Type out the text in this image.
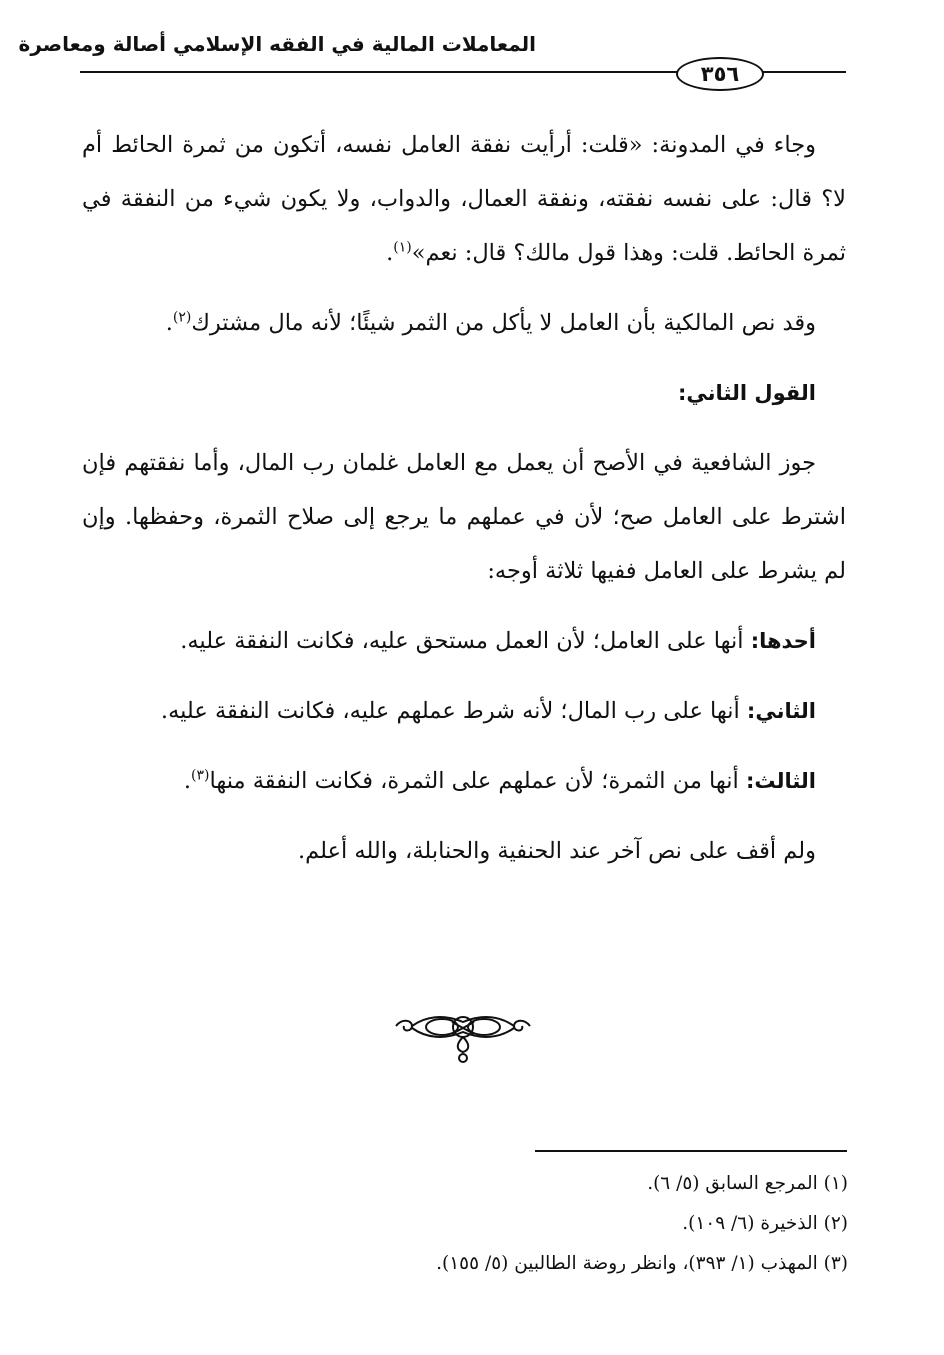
المعاملات المالية في الفقه الإسلامي أصالة ومعاصرة
٣٥٦

وجاء في المدونة: «قلت: أرأيت نفقة العامل نفسه، أتكون من ثمرة الحائط أم لا؟ قال: على نفسه نفقته، ونفقة العمال، والدواب، ولا يكون شيء من النفقة في ثمرة الحائط. قلت: وهذا قول مالك؟ قال: نعم»$^{(١)}$.

وقد نص المالكية بأن العامل لا يأكل من الثمر شيئًا؛ لأنه مال مشترك$^{(٢)}$.

القول الثاني:

جوز الشافعية في الأصح أن يعمل مع العامل غلمان رب المال، وأما نفقتهم فإن اشترط على العامل صح؛ لأن في عملهم ما يرجع إلى صلاح الثمرة، وحفظها. وإن لم يشرط على العامل ففيها ثلاثة أوجه:

أحدها: أنها على العامل؛ لأن العمل مستحق عليه، فكانت النفقة عليه.

الثاني: أنها على رب المال؛ لأنه شرط عملهم عليه، فكانت النفقة عليه.

الثالث: أنها من الثمرة؛ لأن عملهم على الثمرة، فكانت النفقة منها$^{(٣)}$.

ولم أقف على نص آخر عند الحنفية والحنابلة، والله أعلم.

(١) المرجع السابق (٥/ ٦).
(٢) الذخيرة (٦/ ١٠٩).
(٣) المهذب (١/ ٣٩٣)، وانظر روضة الطالبين (٥/ ١٥٥).
